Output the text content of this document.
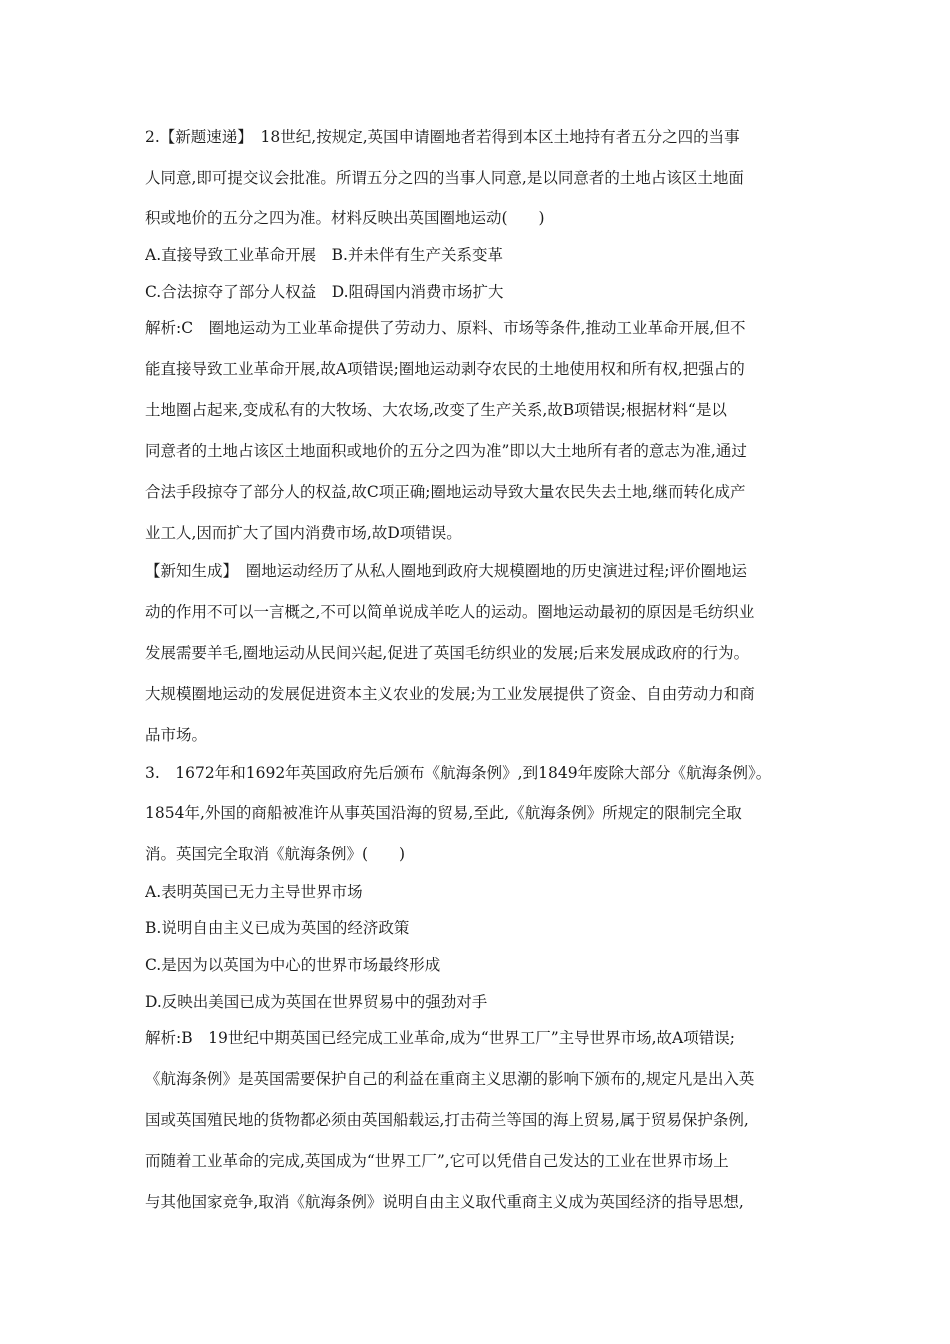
2.【新题速递】　18世纪,按规定,英国申请圈地者若得到本区土地持有者五分之四的当事
人同意,即可提交议会批准。所谓五分之四的当事人同意,是以同意者的土地占该区土地面
积或地价的五分之四为准。材料反映出英国圈地运动(　　)
A.直接导致工业革命开展　B.并未伴有生产关系变革
C.合法掠夺了部分人权益　D.阻碍国内消费市场扩大
解析:C　圈地运动为工业革命提供了劳动力、原料、市场等条件,推动工业革命开展,但不
能直接导致工业革命开展,故A项错误;圈地运动剥夺农民的土地使用权和所有权,把强占的
土地圈占起来,变成私有的大牧场、大农场,改变了生产关系,故B项错误;根据材料“是以
同意者的土地占该区土地面积或地价的五分之四为准”即以大土地所有者的意志为准,通过
合法手段掠夺了部分人的权益,故C项正确;圈地运动导致大量农民失去土地,继而转化成产
业工人,因而扩大了国内消费市场,故D项错误。
【新知生成】　圈地运动经历了从私人圈地到政府大规模圈地的历史演进过程;评价圈地运
动的作用不可以一言概之,不可以简单说成羊吃人的运动。圈地运动最初的原因是毛纺织业
发展需要羊毛,圈地运动从民间兴起,促进了英国毛纺织业的发展;后来发展成政府的行为。
大规模圈地运动的发展促进资本主义农业的发展;为工业发展提供了资金、自由劳动力和商
品市场。
3.　1672年和1692年英国政府先后颁布《航海条例》,到1849年废除大部分《航海条例》。
1854年,外国的商船被准许从事英国沿海的贸易,至此,《航海条例》所规定的限制完全取
消。英国完全取消《航海条例》(　　)
A.表明英国已无力主导世界市场
B.说明自由主义已成为英国的经济政策
C.是因为以英国为中心的世界市场最终形成
D.反映出美国已成为英国在世界贸易中的强劲对手
解析:B　19世纪中期英国已经完成工业革命,成为“世界工厂”主导世界市场,故A项错误;
《航海条例》是英国需要保护自己的利益在重商主义思潮的影响下颁布的,规定凡是出入英
国或英国殖民地的货物都必须由英国船载运,打击荷兰等国的海上贸易,属于贸易保护条例,
而随着工业革命的完成,英国成为“世界工厂”,它可以凭借自己发达的工业在世界市场上
与其他国家竞争,取消《航海条例》说明自由主义取代重商主义成为英国经济的指导思想,
